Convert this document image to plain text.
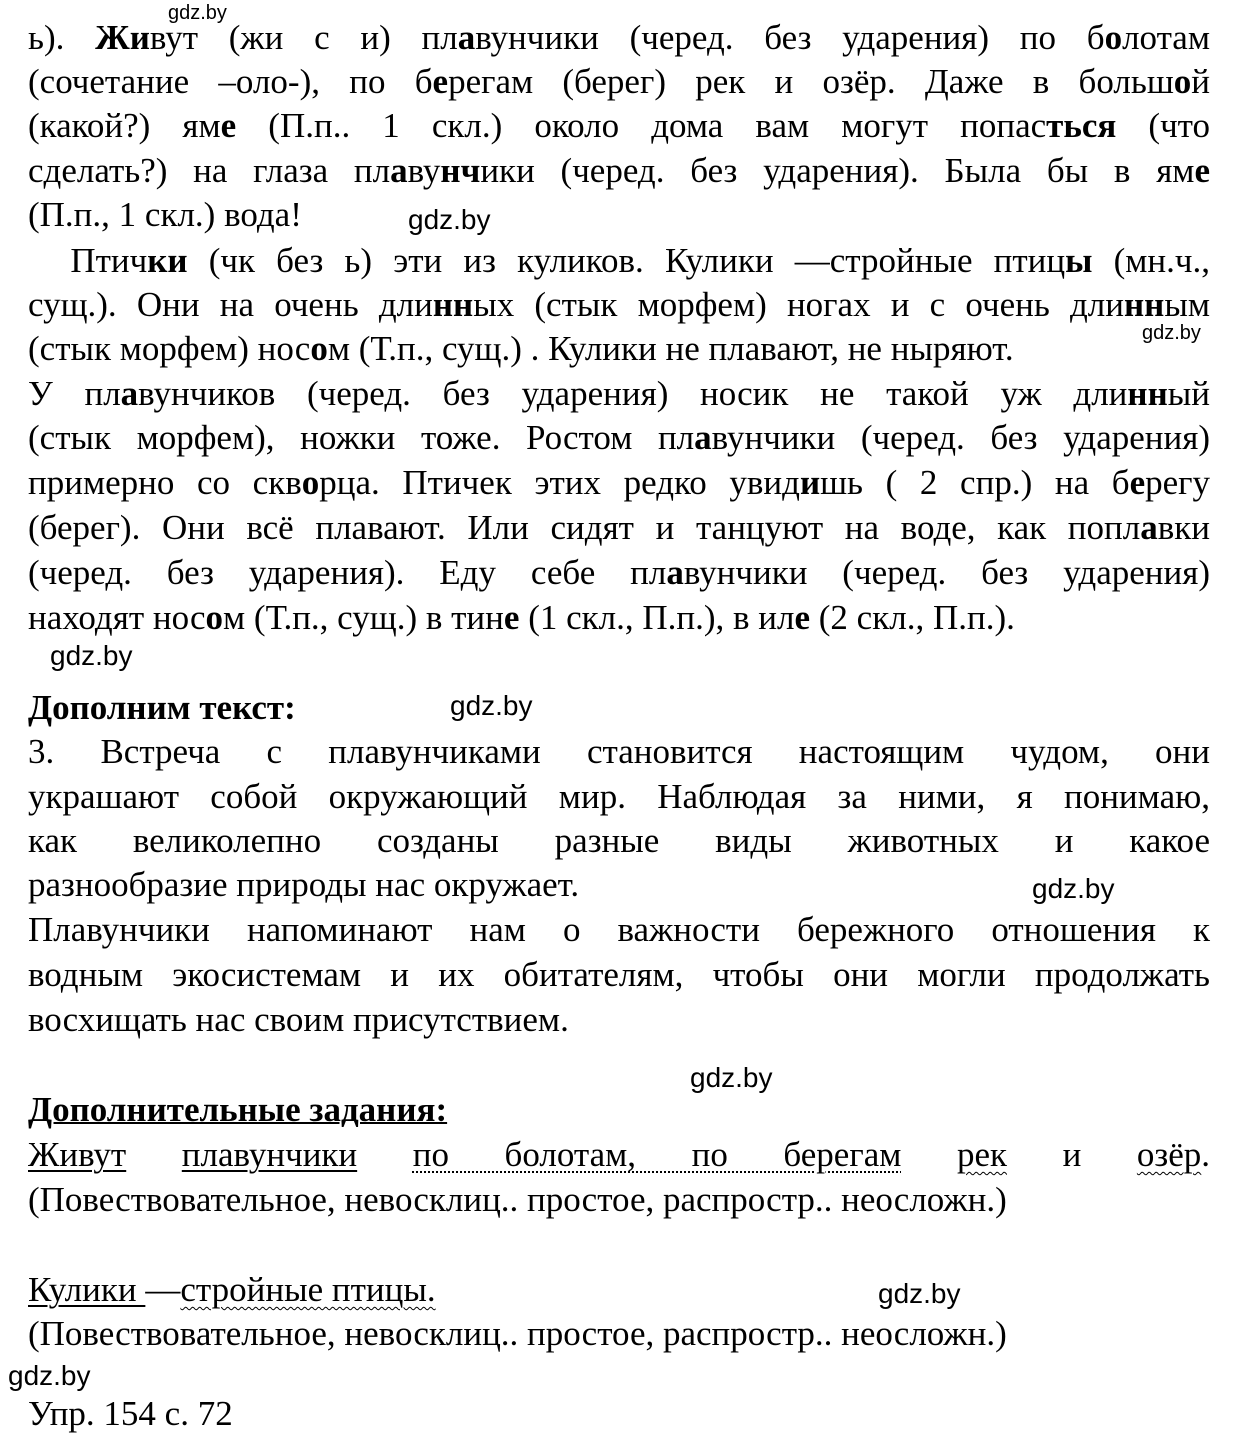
gdz.by
gdz.by
gdz.by
gdz.by
gdz.by
gdz.by
gdz.by
gdz.by
gdz.by
ь). Живут (жи с и) плавунчики (черед. без ударения) по болотам
(сочетание –оло-), по берегам (берег) рек и озёр. Даже в большой
(какой?) яме (П.п.. 1 скл.) около дома вам могут попасться (что
сделать?) на глаза плавунчики (черед. без ударения). Была бы в яме
(П.п., 1 скл.) вода!
Птички (чк без ь) эти из куликов. Кулики —стройные птицы (мн.ч.,
сущ.). Они на очень длинных (стык морфем) ногах и с очень длинным
(стык морфем) носом (Т.п., сущ.) . Кулики не плавают, не ныряют.
У плавунчиков (черед. без ударения) носик не такой уж длинный
(стык морфем), ножки тоже. Ростом плавунчики (черед. без ударения)
примерно со скворца. Птичек этих редко увидишь ( 2 спр.) на берегу
(берег). Они всё плавают. Или сидят и танцуют на воде, как поплавки
(черед. без ударения). Еду себе плавунчики (черед. без ударения)
находят носом (Т.п., сущ.) в тине (1 скл., П.п.), в иле (2 скл., П.п.).
Дополним текст:
3. Встреча с плавунчиками становится настоящим чудом, они
украшают собой окружающий мир. Наблюдая за ними, я понимаю,
как великолепно созданы разные виды животных и какое
разнообразие природы нас окружает.
Плавунчики напоминают нам о важности бережного отношения к
водным экосистемам и их обитателям, чтобы они могли продолжать
восхищать нас своим присутствием.
Дополнительные задания:
Живут плавунчики по болотам, по берегам рек и озёр.
(Повествовательное, невосклиц.. простое, распростр.. неосложн.)
Кулики —стройные птицы.
(Повествовательное, невосклиц.. простое, распростр.. неосложн.)
Упр. 154 с. 72
